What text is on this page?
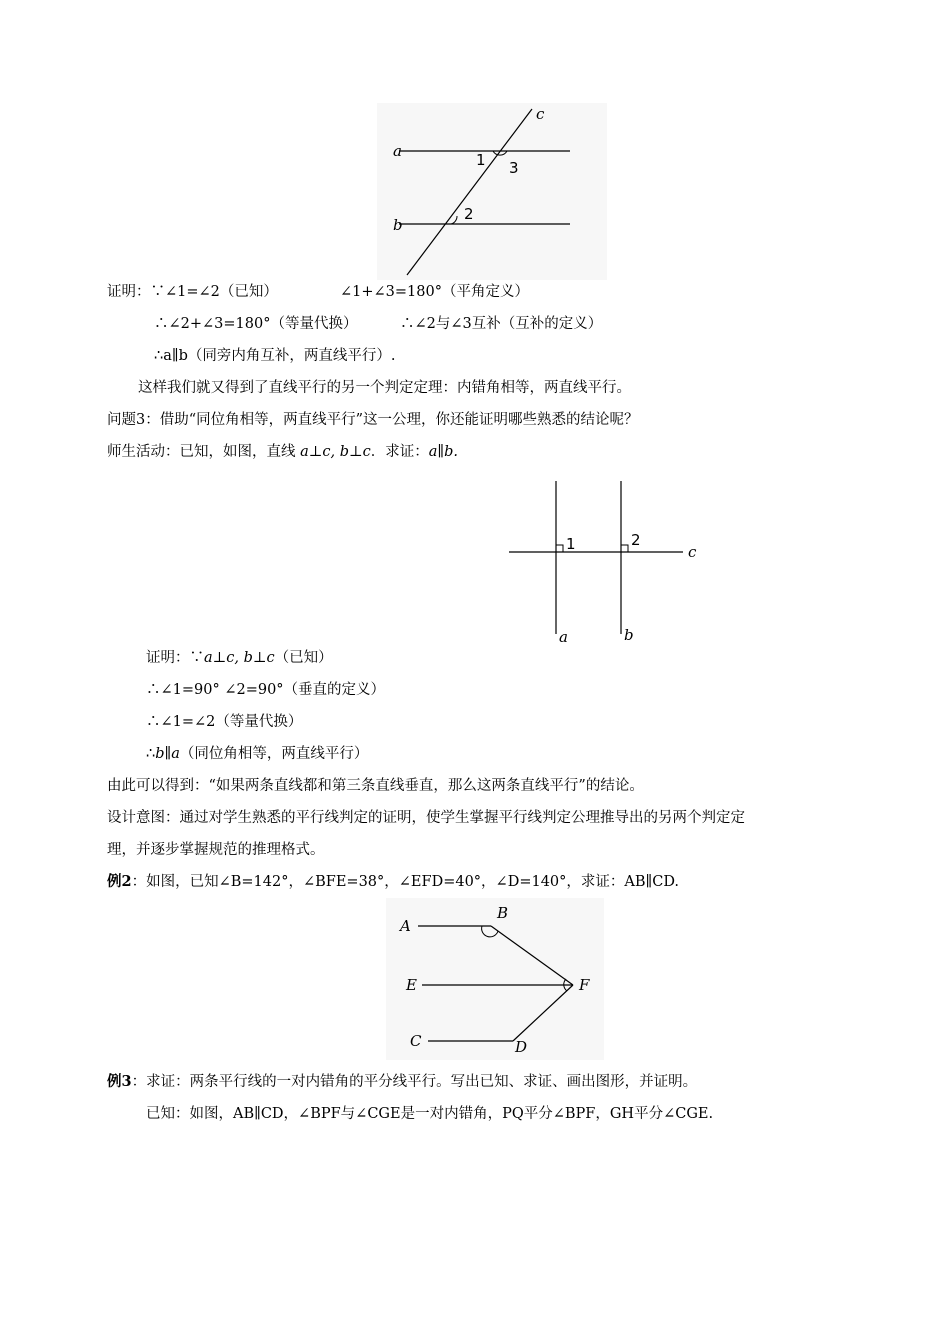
a
b
c
1 3
2
证明：∵∠1=∠2（已知）	∠1+∠3=180°（平角定义）
∴∠2+∠3=180°（等量代换）	∴∠2与∠3互补（互补的定义）
∴a∥b（同旁内角互补，两直线平行）.
这样我们就又得到了直线平行的另一个判定定理：内错角相等，两直线平行。
问题3：借助“同位角相等，两直线平行”这一公理，你还能证明哪些熟悉的结论呢？
师生活动：已知，如图，直线 a⊥c, b⊥c．求证：a∥b.
1	2
c
a	b
证明：∵a⊥c, b⊥c（已知）
∴∠1=90° ∠2=90°（垂直的定义）
∴∠1=∠2（等量代换）
∴b∥a（同位角相等，两直线平行）
由此可以得到：“如果两条直线都和第三条直线垂直，那么这两条直线平行”的结论。
设计意图：通过对学生熟悉的平行线判定的证明，使学生掌握平行线判定公理推导出的另两个判定定
理，并逐步掌握规范的推理格式。
例2：如图，已知∠B=142°，∠BFE=38°，∠EFD=40°，∠D=140°，求证：AB∥CD.
A
B
E	F
C	D
例3：求证：两条平行线的一对内错角的平分线平行。写出已知、求证、画出图形，并证明。
已知：如图，AB∥CD，∠BPF与∠CGE是一对内错角，PQ平分∠BPF，GH平分∠CGE.
